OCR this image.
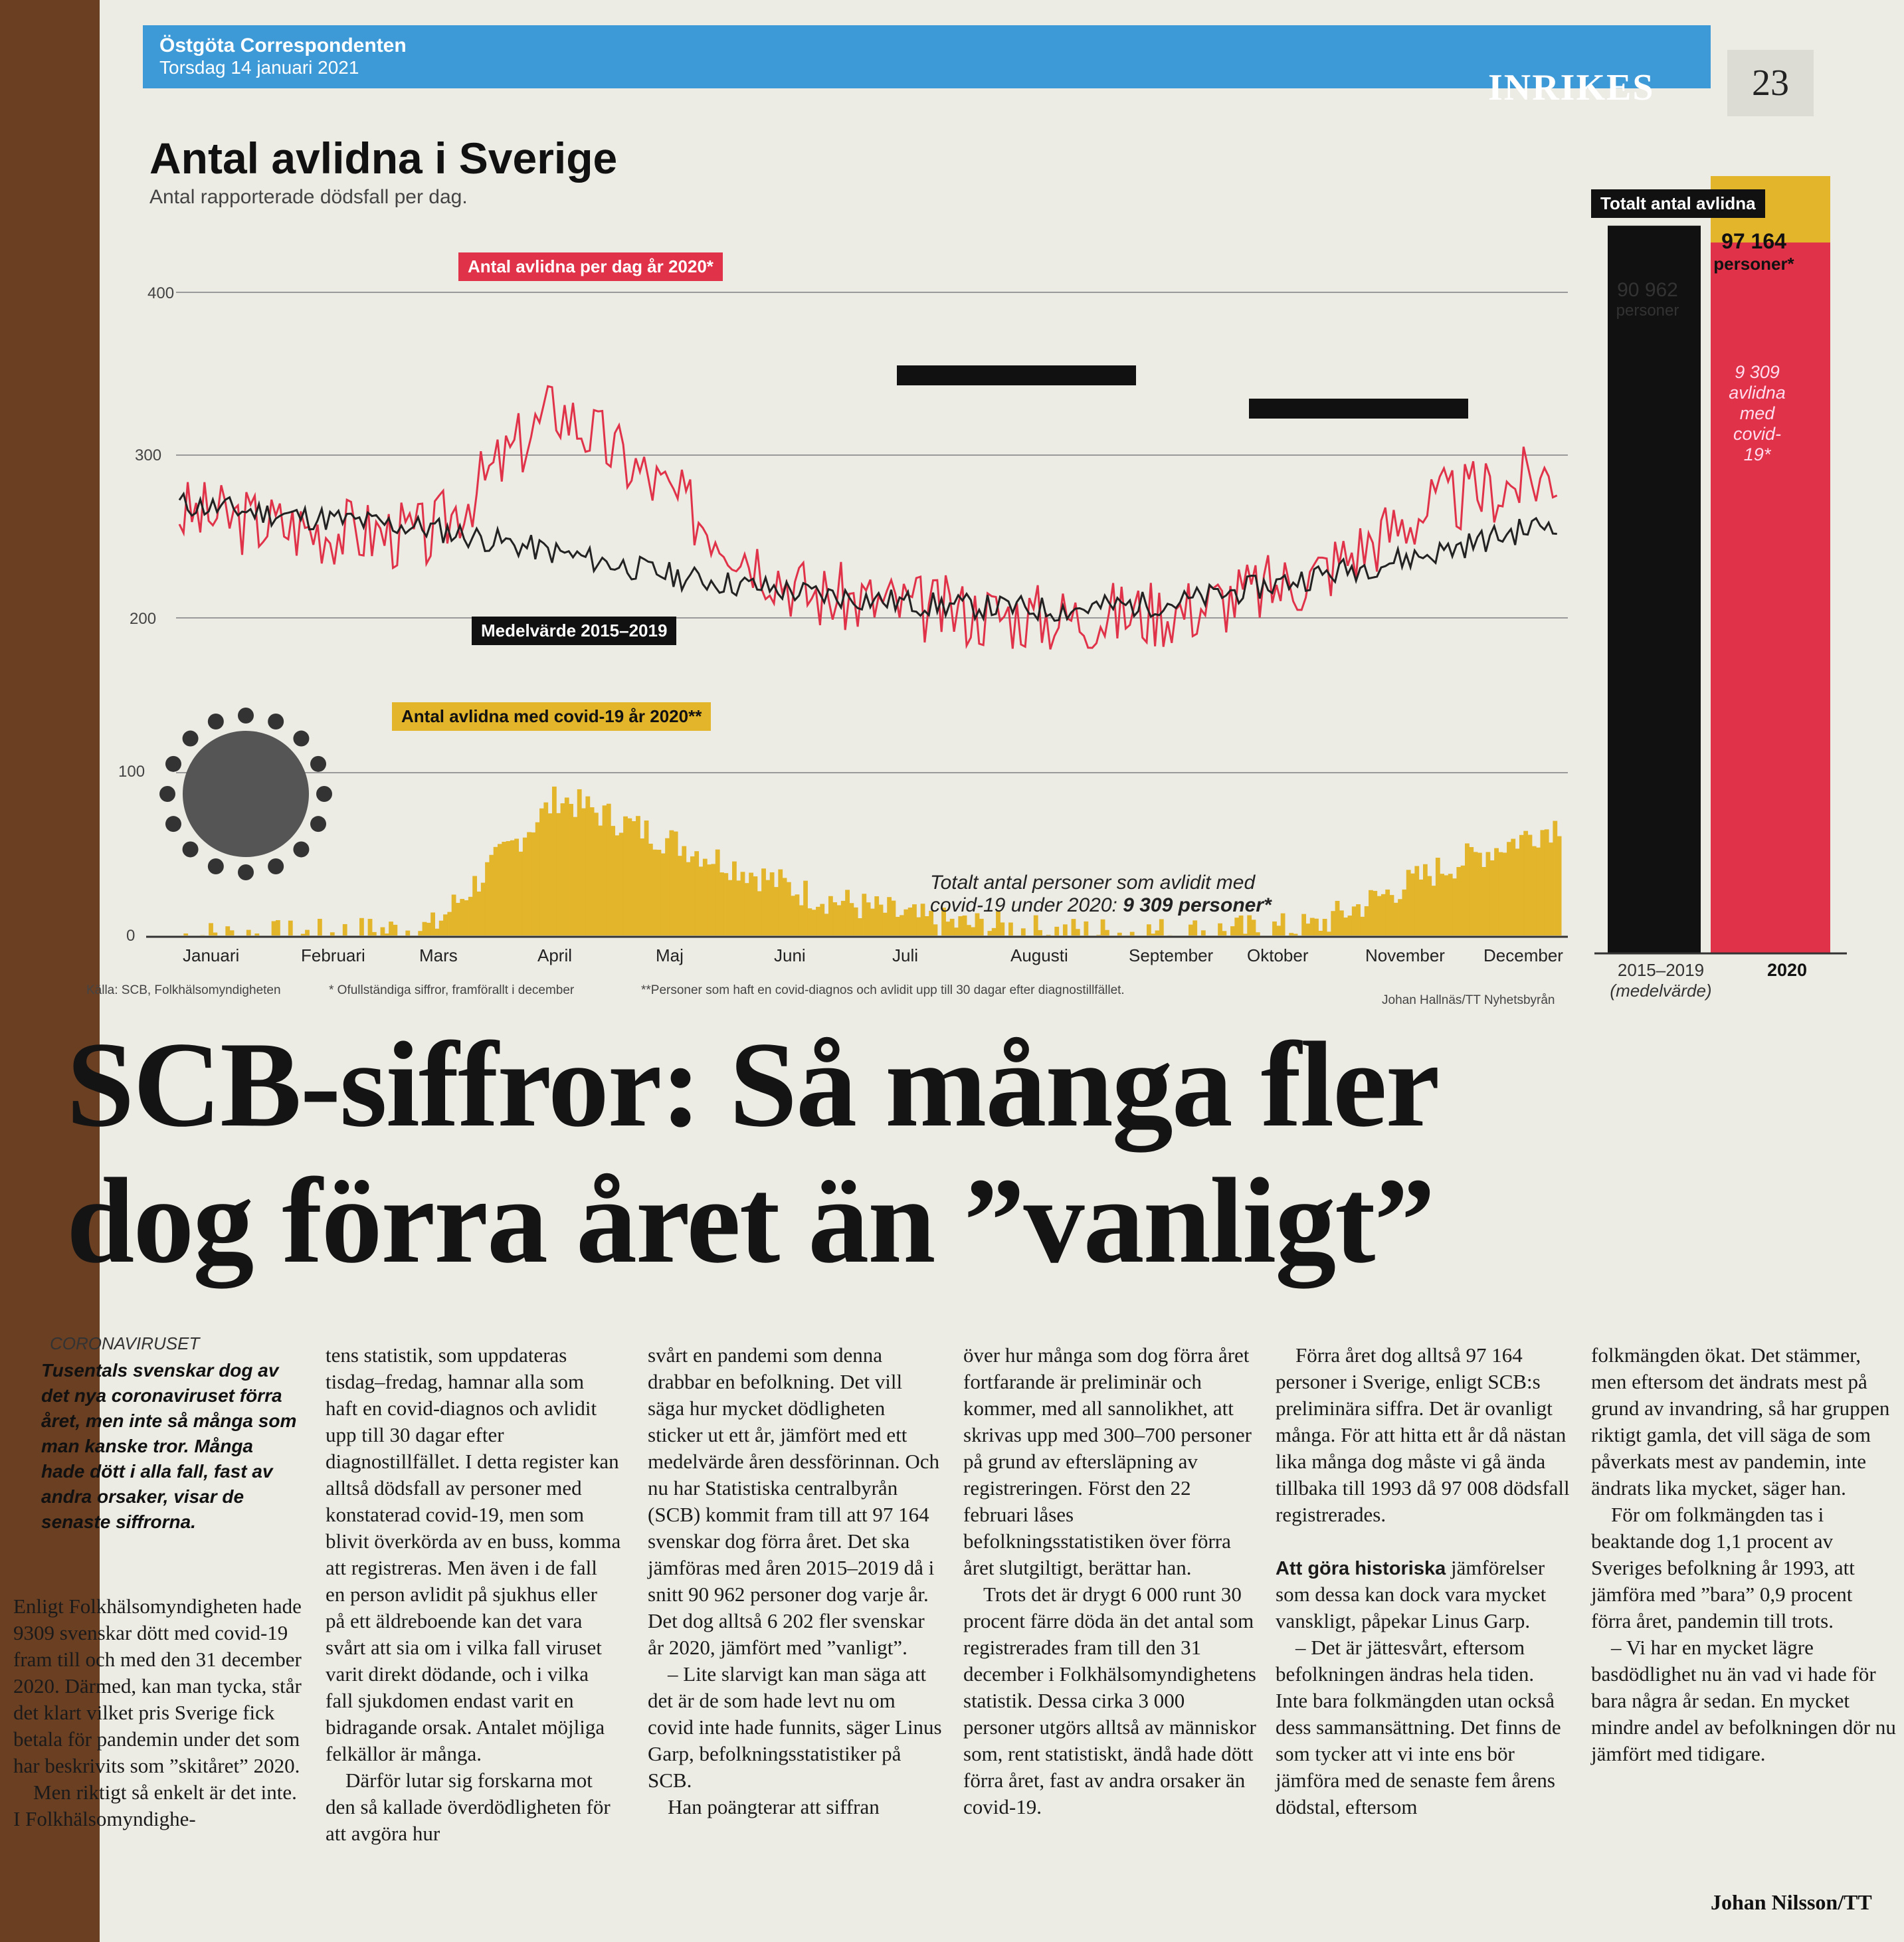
Östgöta Correspondenten
Torsdag 14 januari 2021	INRIKES	23
Antal avlidna i Sverige
Antal rapporterade dödsfall per dag.
400
300
200
100
0
Antal avlidna per dag år 2020*
Medelvärde 2015–2019
Antal avlidna med covid-19 år 2020**
Totalt antal personer som avlidit med covid-19 under 2020: 9 309 personer*
Januari	Februari	Mars	April	Maj	Juni	Juli	Augusti	September Oktober	November December
Totalt antal avlidna
90 962
personer
97 164
personer*
9 309 avlidna med covid-19*
2015–2019
(medelvärde)
2020
Källa: SCB, Folkhälsomyndigheten	* Ofullständiga siffror, framförallt i december	**Personer som haft en covid-diagnos och avlidit upp till 30 dagar efter diagnostillfället.
Johan Hallnäs/TT Nyhetsbyrån
SCB-siffror: Så många fler
dog förra året än ”vanligt”
CORONAVIRUSET
Tusentals svenskar dog av det nya coronaviruset förra året, men inte så många som man kanske tror. Många hade dött i alla fall, fast av andra orsaker, visar de senaste siffrorna.

Enligt Folkhälsomyndigheten hade 9309 svenskar dött med covid-19 fram till och med den 31 december 2020. Därmed, kan man tycka, står det klart vilket pris Sverige fick betala för pandemin under det som har beskrivits som ”skitåret” 2020.

Men riktigt så enkelt är det inte. I Folkhälsomyndighe-

tens statistik, som uppdateras tisdag–fredag, hamnar alla som haft en covid-diagnos och avlidit upp till 30 dagar efter diagnostillfället. I detta register kan alltså dödsfall av personer med konstaterad covid-19, men som blivit överkörda av en buss, komma att registreras. Men även i de fall en person avlidit på sjukhus eller på ett äldreboende kan det vara svårt att sia om i vilka fall viruset varit direkt dödande, och i vilka fall sjukdomen endast varit en bidragande orsak. Antalet möjliga felkällor är många.

Därför lutar sig forskarna mot den så kallade överdödligheten för att avgöra hur

svårt en pandemi som denna drabbar en befolkning. Det vill säga hur mycket dödligheten sticker ut ett år, jämfört med ett medelvärde åren dessförinnan. Och nu har Statistiska centralbyrån (SCB) kommit fram till att 97 164 svenskar dog förra året. Det ska jämföras med åren 2015–2019 då i snitt 90 962 personer dog varje år. Det dog alltså 6 202 fler svenskar år 2020, jämfört med ”vanligt”.

– Lite slarvigt kan man säga att det är de som hade levt nu om covid inte hade funnits, säger Linus Garp, befolkningsstatistiker på SCB.

Han poängterar att siffran

över hur många som dog förra året fortfarande är preliminär och kommer, med all sannolikhet, att skrivas upp med 300–700 personer på grund av eftersläpning av registreringen. Först den 22 februari låses befolkningsstatistiken över förra året slutgiltigt, berättar han.

Trots det är drygt 6 000 runt 30 procent färre döda än det antal som registrerades fram till den 31 december i Folkhälsomyndighetens statistik. Dessa cirka 3 000 personer utgörs alltså av människor som, rent statistiskt, ändå hade dött förra året, fast av andra orsaker än covid-19.

Förra året dog alltså 97 164 personer i Sverige, enligt SCB:s preliminära siffra. Det är ovanligt många. För att hitta ett år då nästan lika många dog måste vi gå ända tillbaka till 1993 då 97 008 dödsfall registrerades.

Att göra historiska jämförelser som dessa kan dock vara mycket vanskligt, påpekar Linus Garp.

– Det är jättesvårt, eftersom befolkningen ändras hela tiden. Inte bara folkmängden utan också dess sammansättning. Det finns de som tycker att vi inte ens bör jämföra med de senaste fem årens dödstal, eftersom

folkmängden ökat. Det stämmer, men eftersom det ändrats mest på grund av invandring, så har gruppen riktigt gamla, det vill säga de som påverkats mest av pandemin, inte ändrats lika mycket, säger han.

För om folkmängden tas i beaktande dog 1,1 procent av Sveriges befolkning år 1993, att jämföra med ”bara” 0,9 procent förra året, pandemin till trots.

– Vi har en mycket lägre basdödlighet nu än vad vi hade för bara några år sedan. En mycket mindre andel av befolkningen dör nu jämfört med tidigare.

Johan Nilsson/TT
